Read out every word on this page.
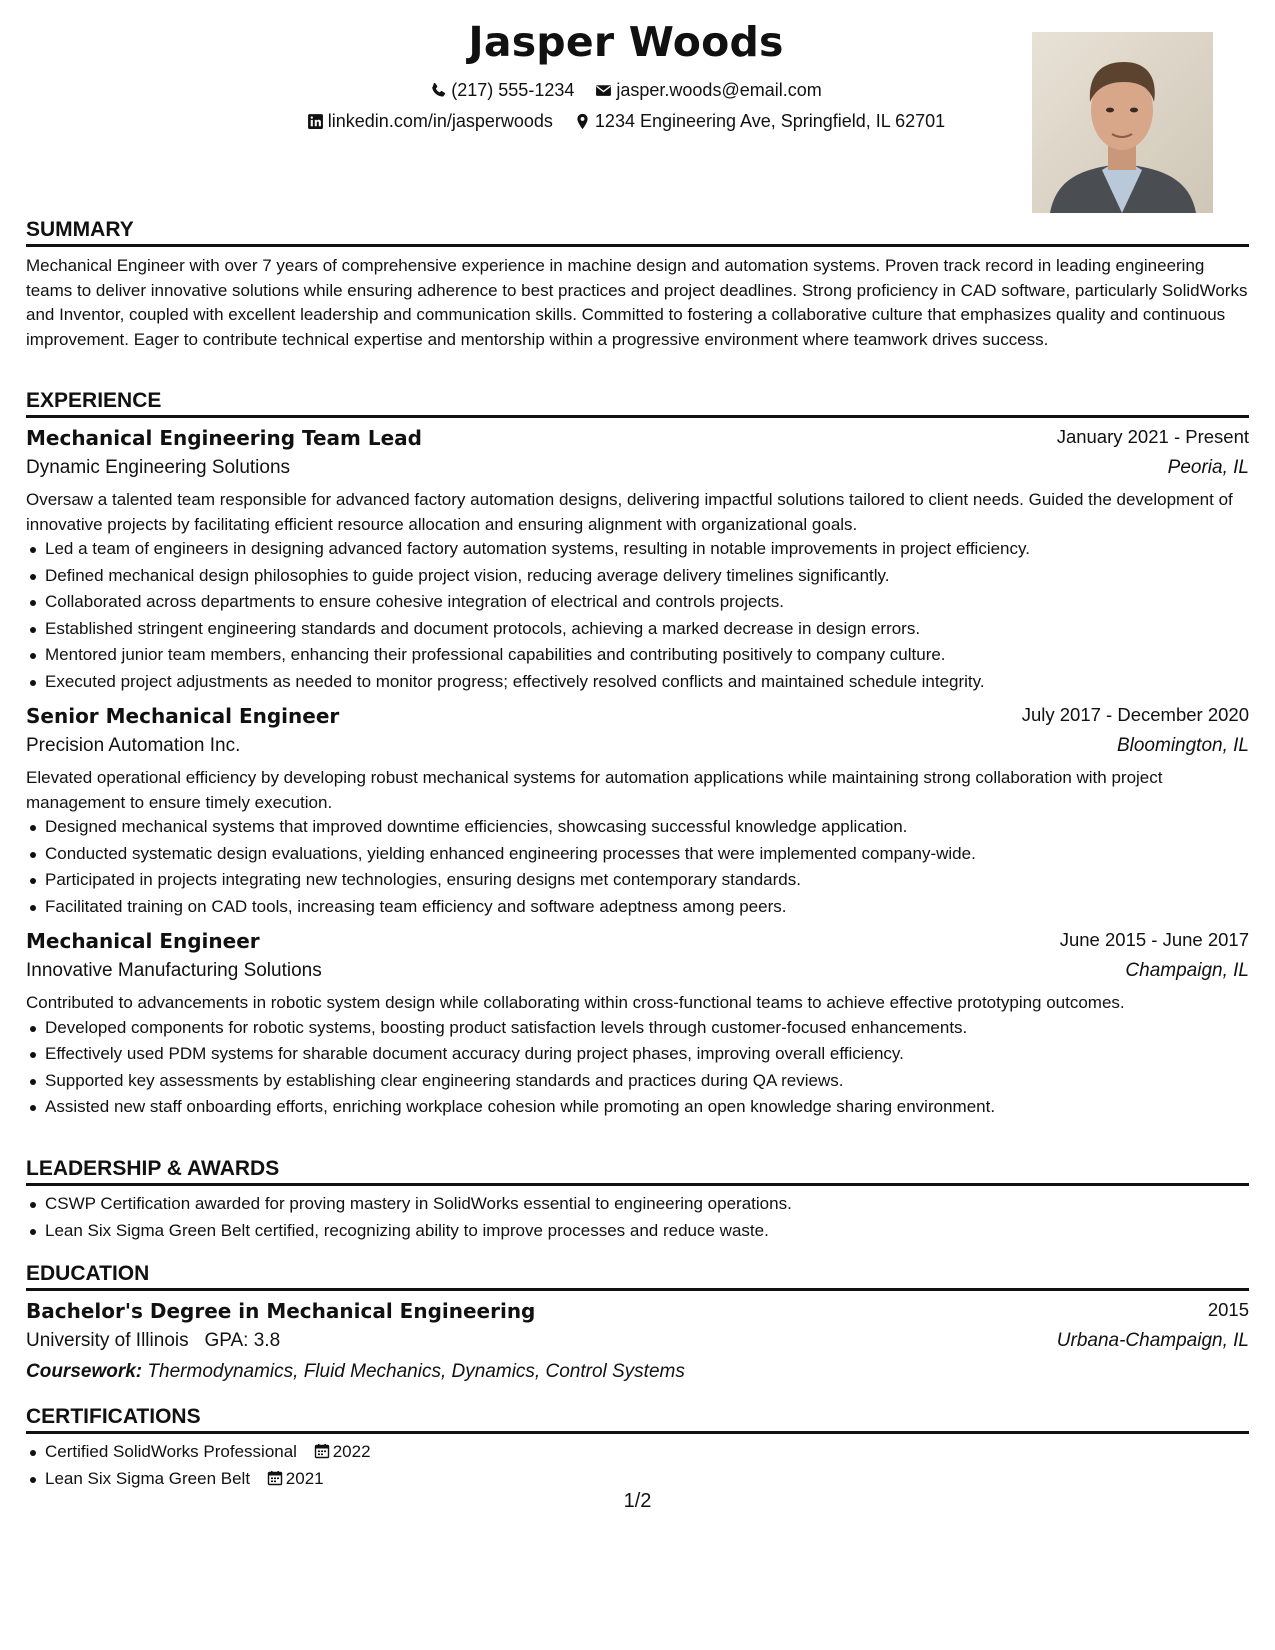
Jasper Woods
(217) 555-1234
jasper.woods@email.com
linkedin.com/in/jasperwoods
1234 Engineering Ave, Springfield, IL 62701
SUMMARY
Mechanical Engineer with over 7 years of comprehensive experience in machine design and automation systems. Proven track record in leading engineering teams to deliver innovative solutions while ensuring adherence to best practices and project deadlines. Strong proficiency in CAD software, particularly SolidWorks and Inventor, coupled with excellent leadership and communication skills. Committed to fostering a collaborative culture that emphasizes quality and continuous improvement. Eager to contribute technical expertise and mentorship within a progressive environment where teamwork drives success.
EXPERIENCE
Mechanical Engineering Team Lead	January 2021 - Present
Dynamic Engineering Solutions	Peoria, IL
Oversaw a talented team responsible for advanced factory automation designs, delivering impactful solutions tailored to client needs. Guided the development of innovative projects by facilitating efficient resource allocation and ensuring alignment with organizational goals.
Led a team of engineers in designing advanced factory automation systems, resulting in notable improvements in project efficiency.
Defined mechanical design philosophies to guide project vision, reducing average delivery timelines significantly.
Collaborated across departments to ensure cohesive integration of electrical and controls projects.
Established stringent engineering standards and document protocols, achieving a marked decrease in design errors.
Mentored junior team members, enhancing their professional capabilities and contributing positively to company culture.
Executed project adjustments as needed to monitor progress; effectively resolved conflicts and maintained schedule integrity.
Senior Mechanical Engineer	July 2017 - December 2020
Precision Automation Inc.	Bloomington, IL
Elevated operational efficiency by developing robust mechanical systems for automation applications while maintaining strong collaboration with project management to ensure timely execution.
Designed mechanical systems that improved downtime efficiencies, showcasing successful knowledge application.
Conducted systematic design evaluations, yielding enhanced engineering processes that were implemented company-wide.
Participated in projects integrating new technologies, ensuring designs met contemporary standards.
Facilitated training on CAD tools, increasing team efficiency and software adeptness among peers.
Mechanical Engineer	June 2015 - June 2017
Innovative Manufacturing Solutions	Champaign, IL
Contributed to advancements in robotic system design while collaborating within cross-functional teams to achieve effective prototyping outcomes.
Developed components for robotic systems, boosting product satisfaction levels through customer-focused enhancements.
Effectively used PDM systems for sharable document accuracy during project phases, improving overall efficiency.
Supported key assessments by establishing clear engineering standards and practices during QA reviews.
Assisted new staff onboarding efforts, enriching workplace cohesion while promoting an open knowledge sharing environment.
LEADERSHIP & AWARDS
CSWP Certification awarded for proving mastery in SolidWorks essential to engineering operations.
Lean Six Sigma Green Belt certified, recognizing ability to improve processes and reduce waste.
EDUCATION
Bachelor's Degree in Mechanical Engineering	2015
University of Illinois GPA: 3.8	Urbana-Champaign, IL
Coursework: Thermodynamics, Fluid Mechanics, Dynamics, Control Systems
CERTIFICATIONS
Certified SolidWorks Professional 2022
Lean Six Sigma Green Belt 2021
1/2
